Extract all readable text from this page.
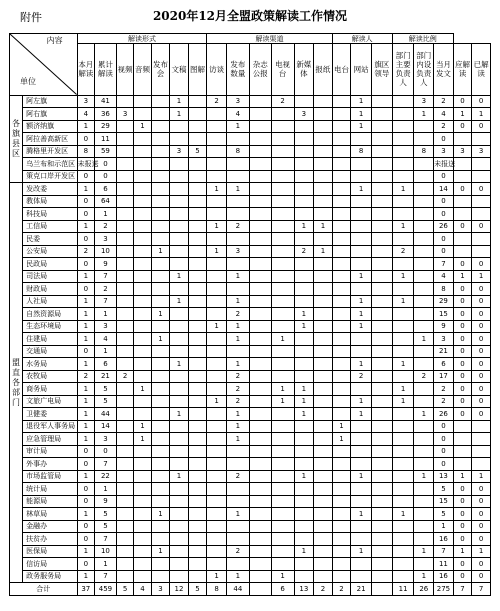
附件	2020年12月全盟政策解读工作情况
内容
单位		解读形式							解读渠道						解读人			解读比例				
		本月解读	累计解读	视频	音频	发布会	文稿	图解	访谈	发布数量	杂志公报	电视台	新媒体	报纸	电台	网站	旗区领导	部门主要负责人	部门内设负责人	当月发文	应解读	已解读
各旗县区	阿左旗	3	41				1		2	3		2				1			3	2	0	0
	阿右旗	4	36	3			1			4			3			1			1	4	1	1
	额济纳旗	1	29		1					1						1				2	0	0
	阿拉善高新区	0	11																	0		
	腾格里开发区	8	59				3	5		8						8			8	3	3	3
	乌兰布和示范区	未报送	0																	未报送		
	策克口岸开发区	0	0																	0		
盟直各部门	发改委	1	6						1	1						1		1		14	0	0
	教体局	0	64																	0		
	科技局	0	1																	0		
	工信局	1	2						1	2			1	1				1		26	0	0
	民委	0	3																	0		
	公安局	2	10			1			1	3			2	1				2		0		
	民政局	0	9																	7	0	0
	司法局	1	7				1			1						1		1		4	1	1
	财政局	0	2																	8	0	0
	人社局	1	7				1			1						1		1		29	0	0
	自然资源局	1	1			1				2			1			1				15	0	0
	生态环境局	1	3						1	1			1			1				9	0	0
	住建局	1	4			1				1		1							1	3	0	0
	交通局	0	1																	21	0	0
	水务局	1	6				1			1						1		1		6	0	0
	农牧局	2	21	2						2						2			2	17	0	0
	商务局	1	5		1					2		1	1					1		2	0	0
	文旅广电局	1	5						1	2		1	1			1		1		2	0	0
	卫健委	1	44				1			1			1			1			1	26	0	0
	退役军人事务局	1	14		1					1					1					0		
	应急管理局	1	3		1					1					1					0		
	审计局	0	0																	0		
	外事办	0	7																	0		
	市场监管局	1	22				1			2			1			1			1	13	1	1
	统计局	0	1																	5	0	0
	能源局	0	9																	15	0	0
	林草局	1	5			1				1						1		1		5	0	0
	金融办	0	5																	1	0	0
	扶贫办	0	7																	16	0	0
	医保局	1	10			1				2			1			1			1	7	1	1
	信访局	0	1																	11	0	0
	政务服务局	1	7						1	1		1							1	16	0	0
合计		37	459	5	4	3	12	5	8	44		6	13	2	2	21		11	26	275	7	7
